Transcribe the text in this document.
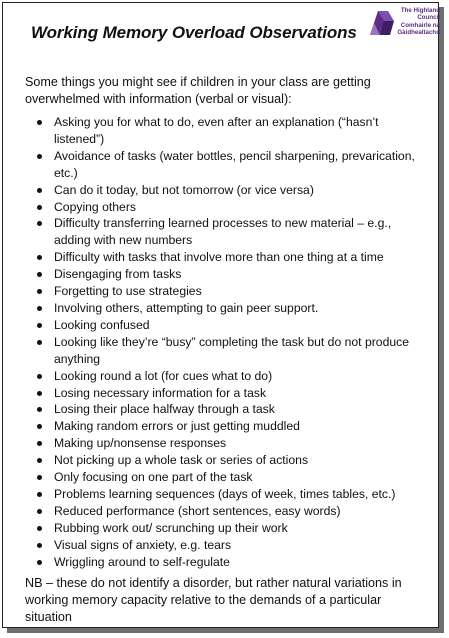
Working Memory Overload Observations
The Highland
Council
Comhairle na
Gàidhealtachd

Some things you might see if children in your class are getting overwhelmed with information (verbal or visual):

Asking you for what to do, even after an explanation (“hasn’t listened”)
Avoidance of tasks (water bottles, pencil sharpening, prevarication, etc.)
Can do it today, but not tomorrow (or vice versa)
Copying others
Difficulty transferring learned processes to new material – e.g., adding with new numbers
Difficulty with tasks that involve more than one thing at a time
Disengaging from tasks
Forgetting to use strategies
Involving others, attempting to gain peer support.
Looking confused
Looking like they’re “busy” completing the task but do not produce anything
Looking round a lot (for cues what to do)
Losing necessary information for a task
Losing their place halfway through a task
Making random errors or just getting muddled
Making up/nonsense responses
Not picking up a whole task or series of actions
Only focusing on one part of the task
Problems learning sequences (days of week, times tables, etc.)
Reduced performance (short sentences, easy words)
Rubbing work out/ scrunching up their work
Visual signs of anxiety, e.g. tears
Wriggling around to self-regulate

NB – these do not identify a disorder, but rather natural variations in working memory capacity relative to the demands of a particular situation
